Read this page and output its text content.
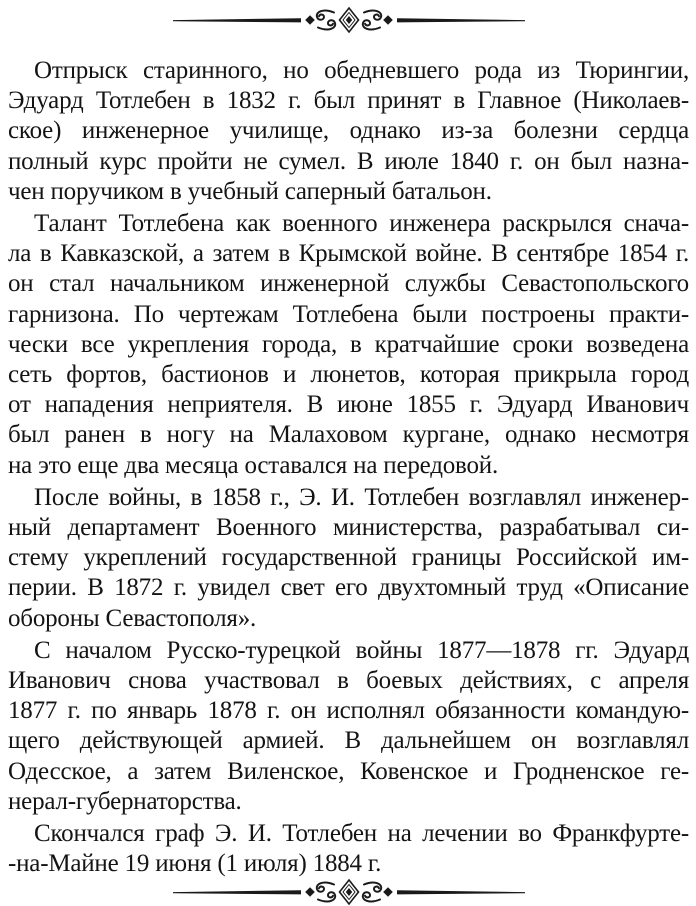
Отпрыск старинного, но обедневшего рода из Тюрингии,
Эдуард Тотлебен в 1832 г. был принят в Главное (Николаев-
ское) инженерное училище, однако из-за болезни сердца
полный курс пройти не сумел. В июле 1840 г. он был назна-
чен поручиком в учебный саперный батальон.
Талант Тотлебена как военного инженера раскрылся снача-
ла в Кавказской, а затем в Крымской войне. В сентябре 1854 г.
он стал начальником инженерной службы Севастопольского
гарнизона. По чертежам Тотлебена были построены практи-
чески все укрепления города, в кратчайшие сроки возведена
сеть фортов, бастионов и люнетов, которая прикрыла город
от нападения неприятеля. В июне 1855 г. Эдуард Иванович
был ранен в ногу на Малаховом кургане, однако несмотря
на это еще два месяца оставался на передовой.
После войны, в 1858 г., Э. И. Тотлебен возглавлял инженер-
ный департамент Военного министерства, разрабатывал си-
стему укреплений государственной границы Российской им-
перии. В 1872 г. увидел свет его двухтомный труд «Описание
обороны Севастополя».
С началом Русско-турецкой войны 1877—1878 гг. Эдуард
Иванович снова участвовал в боевых действиях, с апреля
1877 г. по январь 1878 г. он исполнял обязанности командую-
щего действующей армией. В дальнейшем он возглавлял
Одесское, а затем Виленское, Ковенское и Гродненское ге-
нерал-губернаторства.
Скончался граф Э. И. Тотлебен на лечении во Франкфурте-
-на-Майне 19 июня (1 июля) 1884 г.
